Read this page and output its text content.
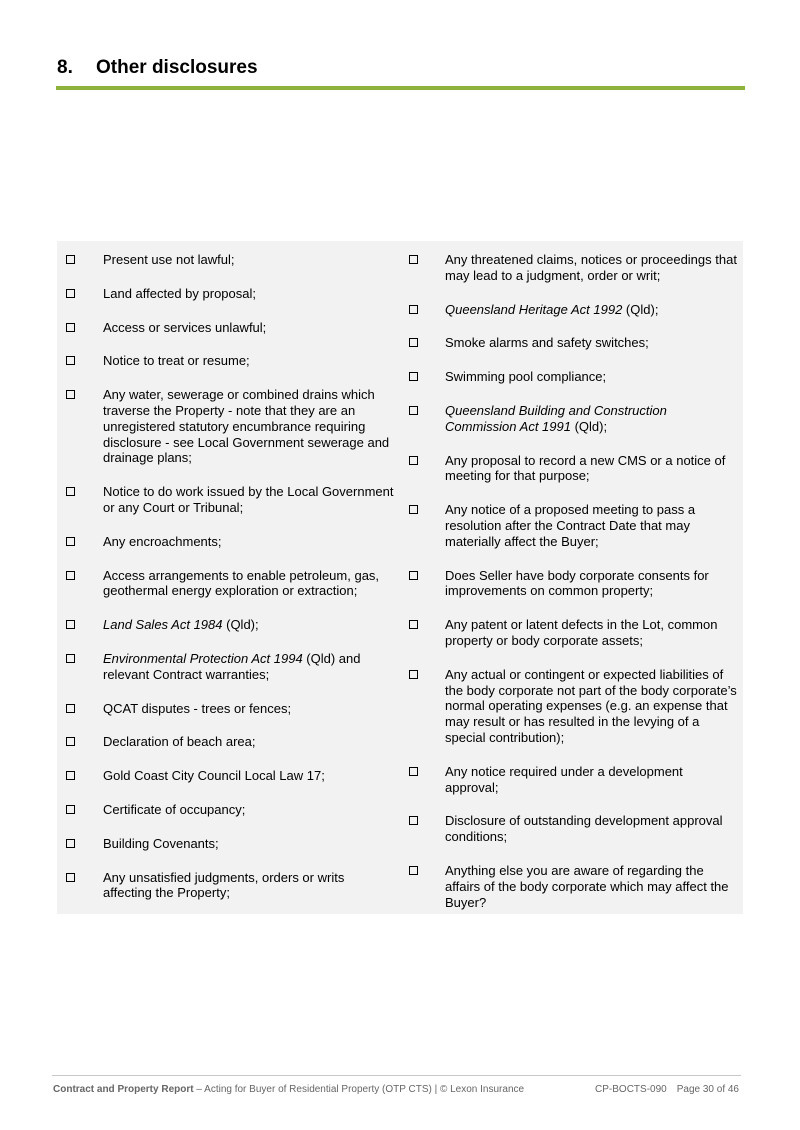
8. Other disclosures
Present use not lawful;
Land affected by proposal;
Access or services unlawful;
Notice to treat or resume;
Any water, sewerage or combined drains which traverse the Property - note that they are an unregistered statutory encumbrance requiring disclosure - see Local Government sewerage and drainage plans;
Notice to do work issued by the Local Government or any Court or Tribunal;
Any encroachments;
Access arrangements to enable petroleum, gas, geothermal energy exploration or extraction;
Land Sales Act 1984 (Qld);
Environmental Protection Act 1994 (Qld) and relevant Contract warranties;
QCAT disputes - trees or fences;
Declaration of beach area;
Gold Coast City Council Local Law 17;
Certificate of occupancy;
Building Covenants;
Any unsatisfied judgments, orders or writs affecting the Property;
Any threatened claims, notices or proceedings that may lead to a judgment, order or writ;
Queensland Heritage Act 1992 (Qld);
Smoke alarms and safety switches;
Swimming pool compliance;
Queensland Building and Construction Commission Act 1991 (Qld);
Any proposal to record a new CMS or a notice of meeting for that purpose;
Any notice of a proposed meeting to pass a resolution after the Contract Date that may materially affect the Buyer;
Does Seller have body corporate consents for improvements on common property;
Any patent or latent defects in the Lot, common property or body corporate assets;
Any actual or contingent or expected liabilities of the body corporate not part of the body corporate’s normal operating expenses (e.g. an expense that may result or has resulted in the levying of a special contribution);
Any notice required under a development approval;
Disclosure of outstanding development approval conditions;
Anything else you are aware of regarding the affairs of the body corporate which may affect the Buyer?
Contract and Property Report – Acting for Buyer of Residential Property (OTP CTS) | © Lexon Insurance	CP-BOCTS-090 Page 30 of 46
